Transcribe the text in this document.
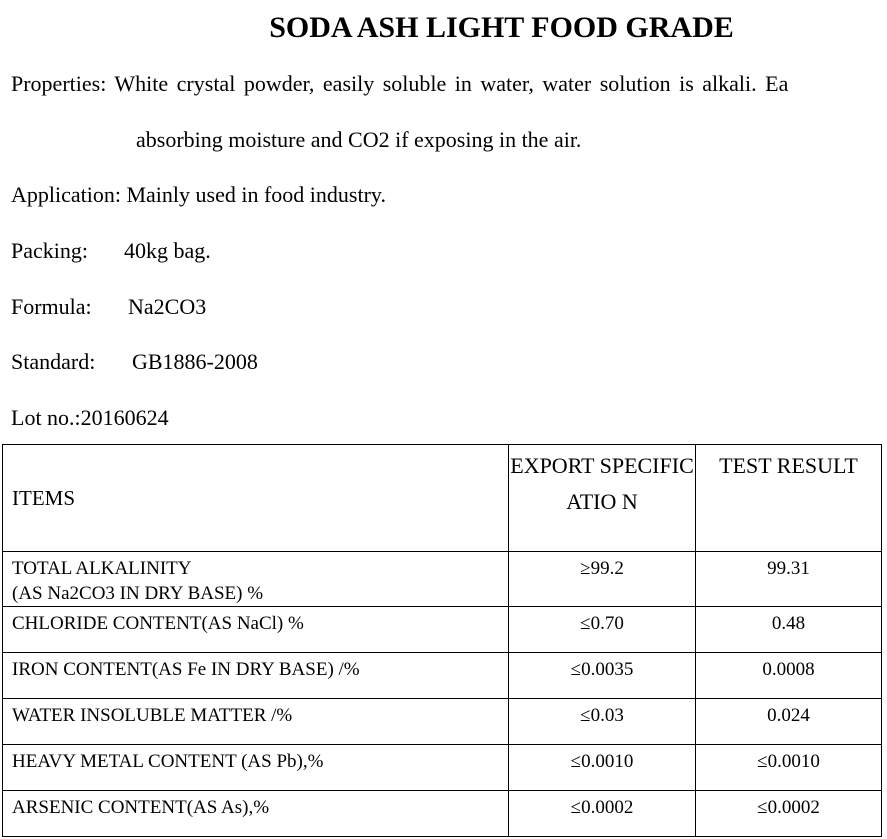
SODA ASH LIGHT FOOD GRADE
Properties: White crystal powder, easily soluble in water, water solution is alkali. Ea
absorbing moisture and CO2 if exposing in the air.
Application: Mainly used in food industry.
Packing: 40kg bag.
Formula: Na2CO3
Standard: GB1886-2008
Lot no.:20160624
ITEMS	EXPORT SPECIFICATIO N	TEST RESULT

TOTAL ALKALINITY
(AS Na2CO3 IN DRY BASE) %	≥99.2	99.31
CHLORIDE CONTENT(AS NaCl) %	≤0.70	0.48
IRON CONTENT(AS Fe IN DRY BASE) /%	≤0.0035	0.0008
WATER INSOLUBLE MATTER /%	≤0.03	0.024
HEAVY METAL CONTENT (AS Pb),%	≤0.0010	≤0.0010
ARSENIC CONTENT(AS As),%	≤0.0002	≤0.0002
